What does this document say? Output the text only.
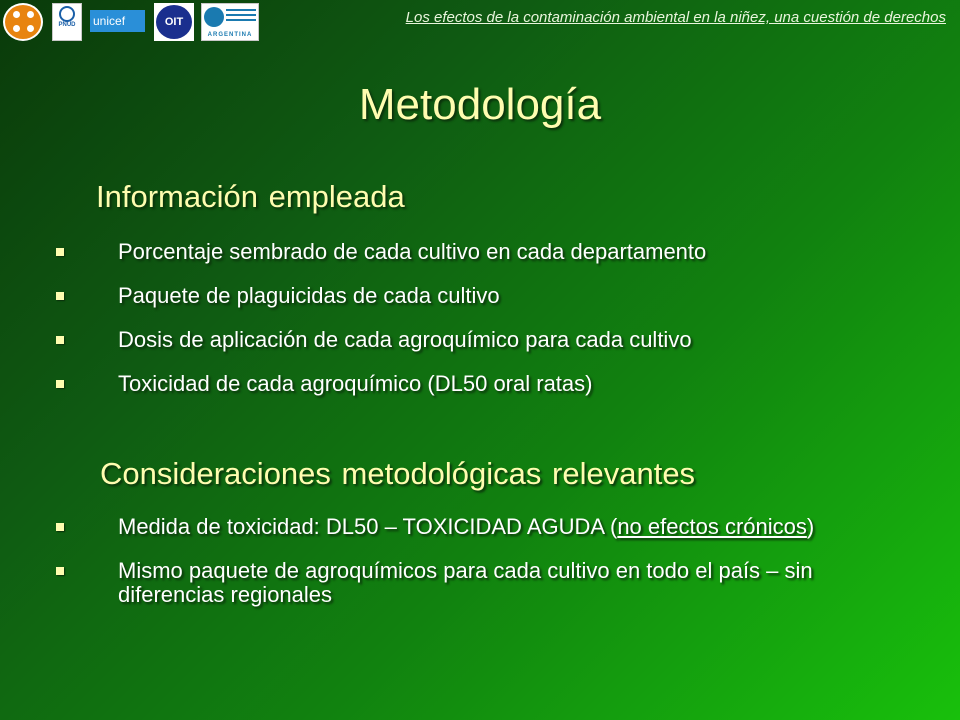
PNUD	unicef	OIT
ARGENTINA
Los efectos de la contaminación ambiental en la niñez, una cuestión de derechos
Metodología
Información empleada
Porcentaje sembrado de cada cultivo en cada departamento
Paquete de plaguicidas de cada cultivo
Dosis de aplicación de cada agroquímico para cada cultivo
Toxicidad de cada agroquímico (DL50 oral ratas)
Consideraciones metodológicas relevantes
Medida de toxicidad: DL50 – TOXICIDAD AGUDA (no efectos crónicos)
Mismo paquete de agroquímicos para cada cultivo en todo el país – sin diferencias regionales
